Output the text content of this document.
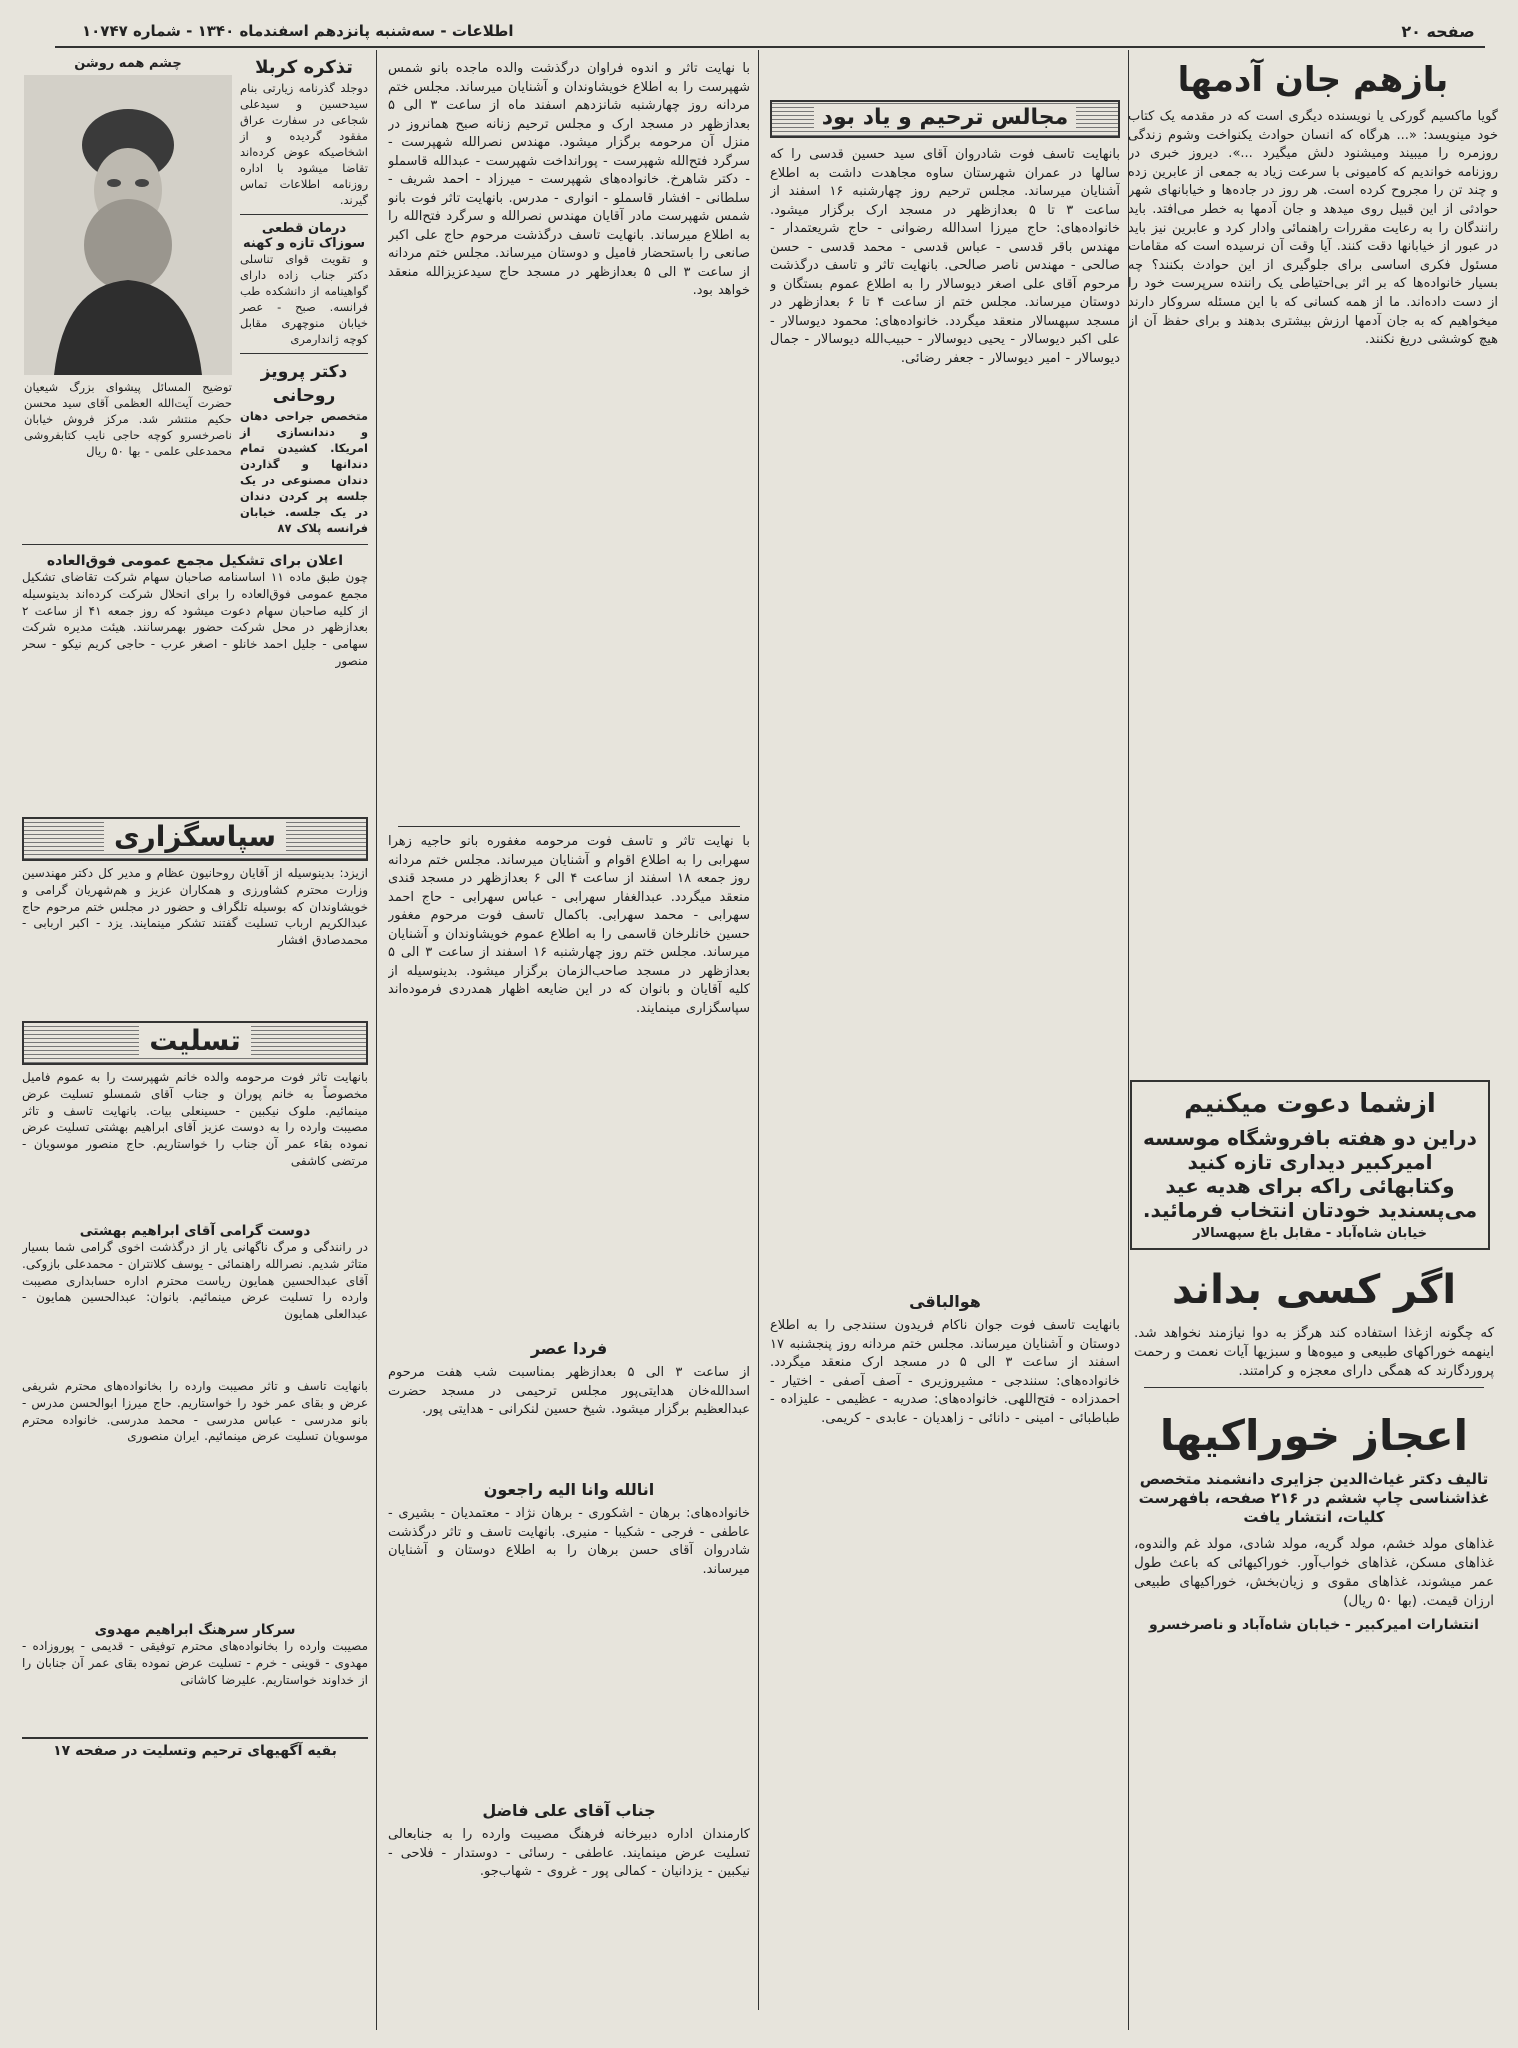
صفحه ۲۰
اطلاعات - سه‌شنبه پانزدهم اسفندماه ۱۳۴۰ - شماره ۱۰۷۴۷
بازهم جان آدمها
گویا ماکسیم گورکی یا نویسنده دیگری است که در مقدمه یک کتاب خود مینویسد: «... هرگاه که انسان حوادث یکنواخت وشوم زندگی روزمره را میبیند ومیشنود دلش میگیرد ...». دیروز خبری در روزنامه خواندیم که کامیونی با سرعت زیاد به جمعی از عابرین زده و چند تن را مجروح کرده است. هر روز در جاده‌ها و خیابانهای شهر حوادثی از این قبیل روی میدهد و جان آدمها به خطر می‌افتد. باید رانندگان را به رعایت مقررات راهنمائی وادار کرد و عابرین نیز باید در عبور از خیابانها دقت کنند. آیا وقت آن نرسیده است که مقامات مسئول فکری اساسی برای جلوگیری از این حوادث بکنند؟ چه بسیار خانواده‌ها که بر اثر بی‌احتیاطی یک راننده سرپرست خود را از دست داده‌اند. ما از همه کسانی که با این مسئله سروکار دارند میخواهیم که به جان آدمها ارزش بیشتری بدهند و برای حفظ آن از هیچ کوششی دریغ نکنند.
ازشما دعوت میکنیم
دراین دو هفته بافروشگاه موسسه امیرکبیر دیداری تازه کنید وکتابهائی راکه برای هدیه عید می‌پسندید خودتان انتخاب فرمائید.
خیابان شاه‌آباد - مقابل باغ سپهسالار
اگر کسی بداند
که چگونه ازغذا استفاده کند هرگز به دوا نیازمند نخواهد شد. اینهمه خوراکهای طبیعی و میوه‌ها و سبزیها آیات نعمت و رحمت پروردگارند که همگی دارای معجزه و کرامتند.
اعجاز خوراکیها
تالیف دکتر غیاث‌الدین جزایری دانشمند متخصص غذاشناسی چاپ ششم در ۲۱۶ صفحه، بافهرست کلیات، انتشار یافت
غذاهای مولد خشم، مولد گریه، مولد شادی، مولد غم والندوه، غذاهای مسکن، غذاهای خواب‌آور. خوراکیهائی که باعث طول عمر میشوند، غذاهای مقوی و زیان‌بخش، خوراکیهای طبیعی ارزان قیمت. (بها ۵۰ ریال)
انتشارات امیرکبیر - خیابان شاه‌آباد و ناصرخسرو
مجالس ترحیم و یاد بود
بانهایت تاسف فوت شادروان آقای سید حسین قدسی را که سالها در عمران شهرستان ساوه مجاهدت داشت به اطلاع آشنایان میرساند. مجلس ترحیم روز چهارشنبه ۱۶ اسفند از ساعت ۳ تا ۵ بعدازظهر در مسجد ارک برگزار میشود. خانواده‌های: حاج میرزا اسدالله رضوانی - حاج شریعتمدار - مهندس باقر قدسی - عباس قدسی - محمد قدسی - حسن صالحی - مهندس ناصر صالحی. بانهایت تاثر و تاسف درگذشت مرحوم آقای علی اصغر دیوسالار را به اطلاع عموم بستگان و دوستان میرساند. مجلس ختم از ساعت ۴ تا ۶ بعدازظهر در مسجد سپهسالار منعقد میگردد. خانواده‌های: محمود دیوسالار - علی اکبر دیوسالار - یحیی دیوسالار - حبیب‌الله دیوسالار - جمال دیوسالار - امیر دیوسالار - جعفر رضائی.
هوالباقی
بانهایت تاسف فوت جوان ناکام فریدون سنندجی را به اطلاع دوستان و آشنایان میرساند. مجلس ختم مردانه روز پنجشنبه ۱۷ اسفند از ساعت ۳ الی ۵ در مسجد ارک منعقد میگردد. خانواده‌های: سنندجی - مشیروزیری - آصف آصفی - اختیار - احمدزاده - فتح‌اللهی. خانواده‌های: صدریه - عظیمی - علیزاده - طباطبائی - امینی - دانائی - زاهدیان - عابدی - کریمی.
با نهایت تاثر و اندوه فراوان درگذشت والده ماجده بانو شمس شهپرست را به اطلاع خویشاوندان و آشنایان میرساند. مجلس ختم مردانه روز چهارشنبه شانزدهم اسفند ماه از ساعت ۳ الی ۵ بعدازظهر در مسجد ارک و مجلس ترحیم زنانه صبح همانروز در منزل آن مرحومه برگزار میشود. مهندس نصرالله شهپرست - سرگرد فتح‌الله شهپرست - پورانداخت شهپرست - عبدالله قاسملو - دکتر شاهرخ. خانواده‌های شهپرست - میرزاد - احمد شریف - سلطانی - افشار قاسملو - انواری - مدرس. بانهایت تاثر فوت بانو شمس شهپرست مادر آقایان مهندس نصرالله و سرگرد فتح‌الله را به اطلاع میرساند. بانهایت تاسف درگذشت مرحوم حاج علی اکبر صانعی را باستحضار فامیل و دوستان میرساند. مجلس ختم مردانه از ساعت ۳ الی ۵ بعدازظهر در مسجد حاج سیدعزیزالله منعقد خواهد بود.
با نهایت تاثر و تاسف فوت مرحومه مغفوره بانو حاجیه زهرا سهرابی را به اطلاع اقوام و آشنایان میرساند. مجلس ختم مردانه روز جمعه ۱۸ اسفند از ساعت ۴ الی ۶ بعدازظهر در مسجد قندی منعقد میگردد. عبدالغفار سهرابی - عباس سهرابی - حاج احمد سهرابی - محمد سهرابی. باکمال تاسف فوت مرحوم مغفور حسین خانلرخان قاسمی را به اطلاع عموم خویشاوندان و آشنایان میرساند. مجلس ختم روز چهارشنبه ۱۶ اسفند از ساعت ۳ الی ۵ بعدازظهر در مسجد صاحب‌الزمان برگزار میشود. بدینوسیله از کلیه آقایان و بانوان که در این ضایعه اظهار همدردی فرموده‌اند سپاسگزاری مینمایند.
فردا عصر
از ساعت ۳ الی ۵ بعدازظهر بمناسبت شب هفت مرحوم اسدالله‌خان هدایتی‌پور مجلس ترحیمی در مسجد حضرت عبدالعظیم برگزار میشود. شیخ حسین لنکرانی - هدایتی پور.
انالله وانا الیه راجعون
خانواده‌های: برهان - اشکوری - برهان نژاد - معتمدیان - بشیری - عاطفی - فرجی - شکیبا - منیری. بانهایت تاسف و تاثر درگذشت شادروان آقای حسن برهان را به اطلاع دوستان و آشنایان میرساند.
جناب آقای علی فاضل
کارمندان اداره دبیرخانه فرهنگ مصیبت وارده را به جنابعالی تسلیت عرض مینمایند. عاطفی - رسائی - دوستدار - فلاحی - نیکبین - یزدانیان - کمالی پور - غروی - شهاب‌جو.
تذکره کربلا
دوجلد گذرنامه زیارتی بنام سیدحسین و سیدعلی شجاعی در سفارت عراق مفقود گردیده و از اشخاصیکه عوض کرده‌اند تقاضا میشود با اداره روزنامه اطلاعات تماس گیرند.
درمان قطعی سوزاک تازه و کهنه
و تقویت قوای تناسلی دکتر جناب زاده دارای گواهینامه از دانشکده طب فرانسه. صبح - عصر خیابان منوچهری مقابل کوچه ژاندارمری
دکتر پرویز روحانی
متخصص جراحی دهان و دندانسازی از امریکا. کشیدن تمام دندانها و گذاردن دندان مصنوعی در یک جلسه پر کردن دندان در یک جلسه. خیابان فرانسه پلاک ۸۷
چشم همه روشن
توضیح المسائل پیشوای بزرگ شیعیان حضرت آیت‌الله العظمی آقای سید محسن حکیم منتشر شد. مرکز فروش خیابان ناصرخسرو کوچه حاجی نایب کتابفروشی محمدعلی علمی - بها ۵۰ ریال
اعلان برای تشکیل مجمع عمومی فوق‌العاده
چون طبق ماده ۱۱ اساسنامه صاحبان سهام شرکت تقاضای تشکیل مجمع عمومی فوق‌العاده را برای انحلال شرکت کرده‌اند بدینوسیله از کلیه صاحبان سهام دعوت میشود که روز جمعه ۴۱ از ساعت ۲ بعدازظهر در محل شرکت حضور بهمرسانند. هیئت مدیره شرکت سهامی - جلیل احمد خانلو - اصغر عرب - حاجی کریم نیکو - سحر منصور
سپاسگزاری
ازیزد: بدینوسیله از آقایان روحانیون عظام و مدیر کل دکتر مهندسین وزارت محترم کشاورزی و همکاران عزیز و هم‌شهریان گرامی و خویشاوندان که بوسیله تلگراف و حضور در مجلس ختم مرحوم حاج عبدالکریم ارباب تسلیت گفتند تشکر مینمایند. یزد - اکبر اربابی - محمدصادق افشار
تسلیت
بانهایت تاثر فوت مرحومه والده خانم شهپرست را به عموم فامیل مخصوصاً به خانم پوران و جناب آقای شمسلو تسلیت عرض مینمائیم. ملوک نیکبین - حسینعلی بیات. بانهایت تاسف و تاثر مصیبت وارده را به دوست عزیز آقای ابراهیم بهشتی تسلیت عرض نموده بقاء عمر آن جناب را خواستاریم. حاج منصور موسویان - مرتضی کاشفی
دوست گرامی آقای ابراهیم بهشتی
در رانندگی و مرگ ناگهانی یار از درگذشت اخوی گرامی شما بسیار متاثر شدیم. نصرالله راهنمائی - یوسف کلانتران - محمدعلی بازوکی. آقای عبدالحسین همایون ریاست محترم اداره حسابداری مصیبت وارده را تسلیت عرض مینمائیم. بانوان: عبدالحسین همایون - عبدالعلی همایون
بانهایت تاسف و تاثر مصیبت وارده را بخانواده‌های محترم شریفی عرض و بقای عمر خود را خواستاریم. حاج میرزا ابوالحسن مدرس - بانو مدرسی - عباس مدرسی - محمد مدرسی. خانواده محترم موسویان تسلیت عرض مینمائیم. ایران منصوری
سرکار سرهنگ ابراهیم مهدوی
مصیبت وارده را بخانواده‌های محترم توفیقی - قدیمی - پوروزاده - مهدوی - قوینی - خرم - تسلیت عرض نموده بقای عمر آن جنابان را از خداوند خواستاریم. علیرضا کاشانی
بقیه آگهیهای ترحیم وتسلیت در صفحه ۱۷
